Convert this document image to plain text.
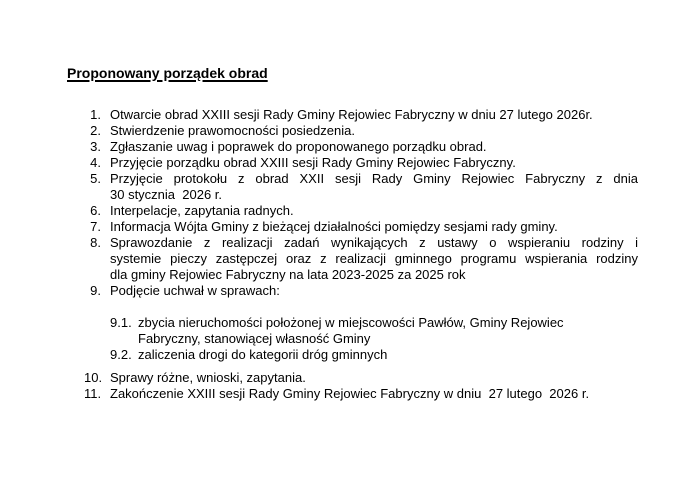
Proponowany porządek obrad
1. Otwarcie obrad XXIII sesji Rady Gminy Rejowiec Fabryczny w dniu 27 lutego 2026r.
2. Stwierdzenie prawomocności posiedzenia.
3. Zgłaszanie uwag i poprawek do proponowanego porządku obrad.
4. Przyjęcie porządku obrad XXIII sesji Rady Gminy Rejowiec Fabryczny.
5. Przyjęcie protokołu z obrad XXII sesji Rady Gminy Rejowiec Fabryczny z dnia
30 stycznia  2026 r.
6. Interpelacje, zapytania radnych.
7. Informacja Wójta Gminy z bieżącej działalności pomiędzy sesjami rady gminy.
8. Sprawozdanie z realizacji zadań wynikających z ustawy o wspieraniu rodziny i
systemie pieczy zastępczej oraz z realizacji gminnego programu wspierania rodziny
dla gminy Rejowiec Fabryczny na lata 2023-2025 za 2025 rok
9. Podjęcie uchwał w sprawach:
9.1. zbycia nieruchomości położonej w miejscowości Pawłów, Gminy Rejowiec
Fabryczny, stanowiącej własność Gminy
9.2. zaliczenia drogi do kategorii dróg gminnych
10. Sprawy różne, wnioski, zapytania.
11. Zakończenie XXIII sesji Rady Gminy Rejowiec Fabryczny w dniu  27 lutego  2026 r.
